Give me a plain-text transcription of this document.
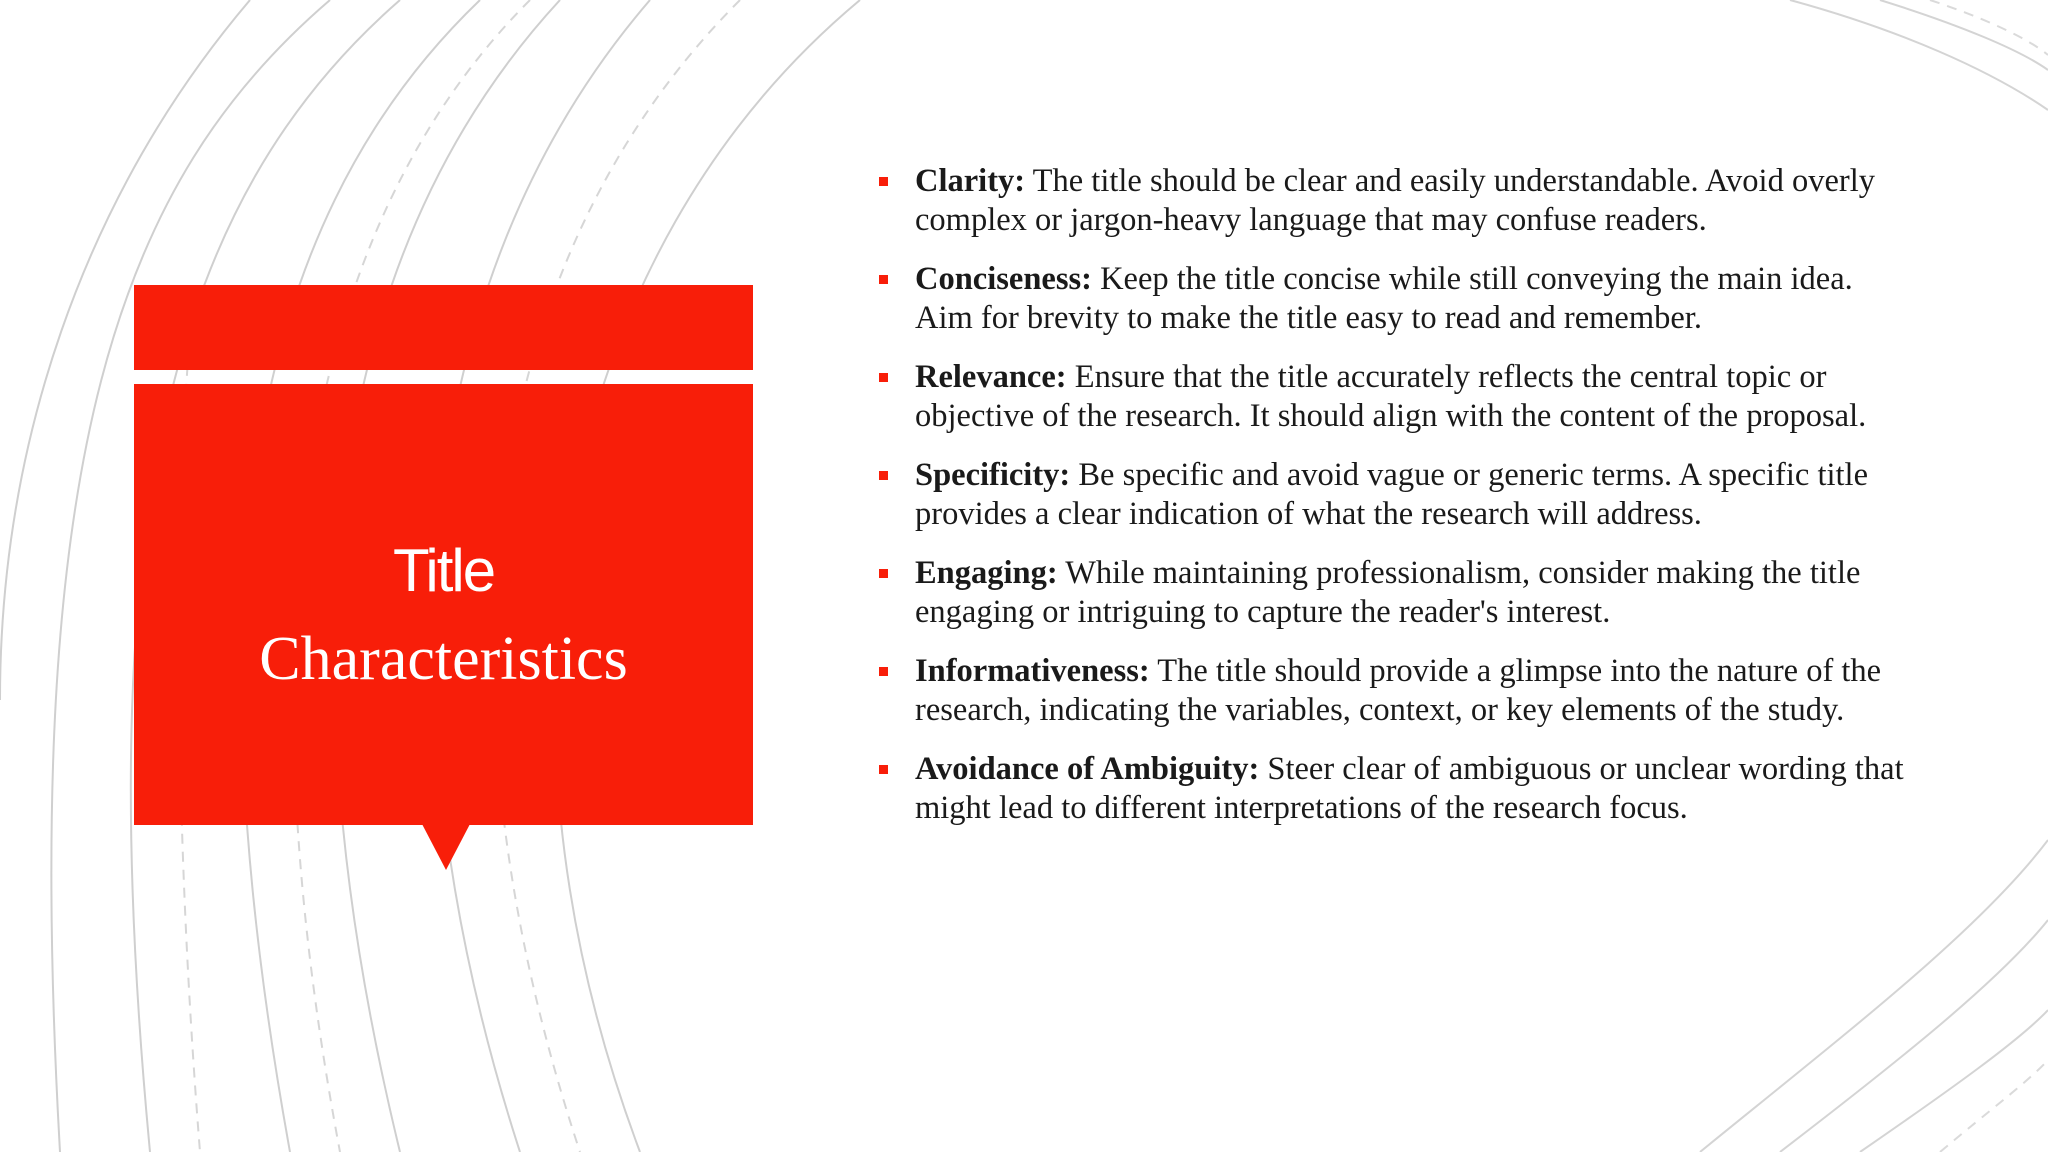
Title
Characteristics
Clarity: The title should be clear and easily understandable. Avoid overly complex or jargon-heavy language that may confuse readers.
Conciseness: Keep the title concise while still conveying the main idea. Aim for brevity to make the title easy to read and remember.
Relevance: Ensure that the title accurately reflects the central topic or objective of the research. It should align with the content of the proposal.
Specificity: Be specific and avoid vague or generic terms. A specific title provides a clear indication of what the research will address.
Engaging: While maintaining professionalism, consider making the title engaging or intriguing to capture the reader's interest.
Informativeness: The title should provide a glimpse into the nature of the research, indicating the variables, context, or key elements of the study.
Avoidance of Ambiguity: Steer clear of ambiguous or unclear wording that might lead to different interpretations of the research focus.
